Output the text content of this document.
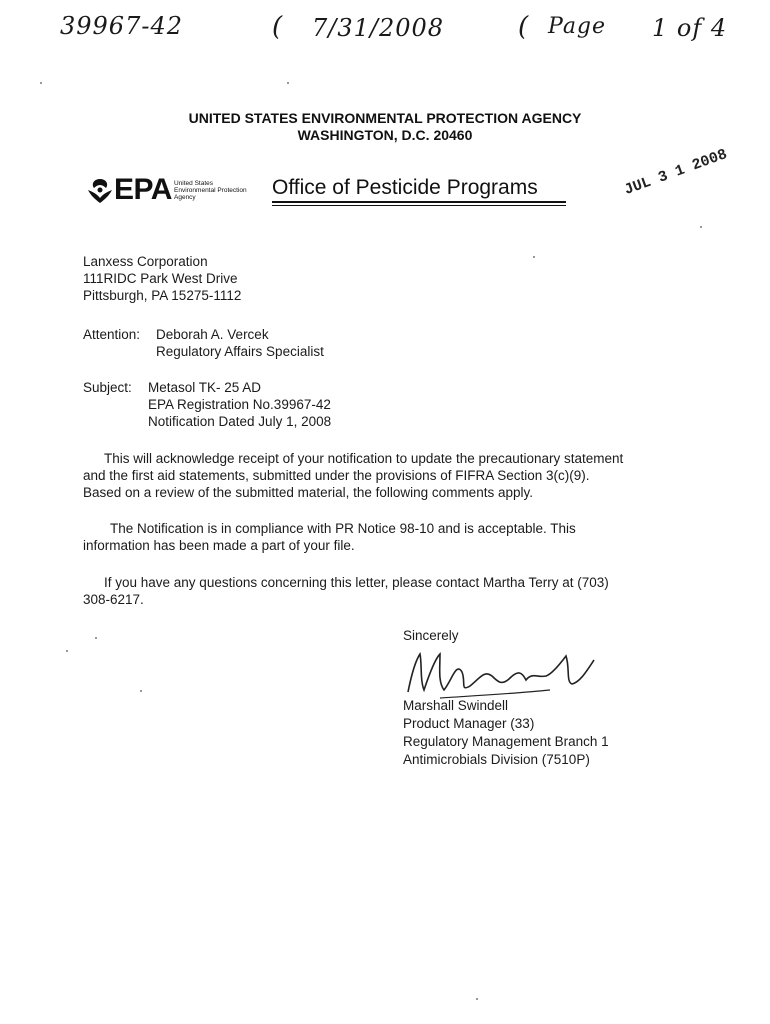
39967-42	( 7/31/2008	( Page 1 of 4
UNITED STATES ENVIRONMENTAL PROTECTION AGENCY
WASHINGTON, D.C. 20460
EPA United States
Environmental Protection
Agency	Office of Pesticide Programs	JUL 3 1 2008
Lanxess Corporation
111RIDC Park West Drive
Pittsburgh, PA 15275-1112
Attention: Deborah A. Vercek
Regulatory Affairs Specialist
Subject: Metasol TK- 25 AD
EPA Registration No.39967-42
Notification Dated July 1, 2008
This will acknowledge receipt of your notification to update the precautionary statement
and the first aid statements, submitted under the provisions of FIFRA Section 3(c)(9).
Based on a review of the submitted material, the following comments apply.
The Notification is in compliance with PR Notice 98-10 and is acceptable. This
information has been made a part of your file.
If you have any questions concerning this letter, please contact Martha Terry at (703)
308-6217.
Sincerely
Marshall Swindell
Product Manager (33)
Regulatory Management Branch 1
Antimicrobials Division (7510P)
